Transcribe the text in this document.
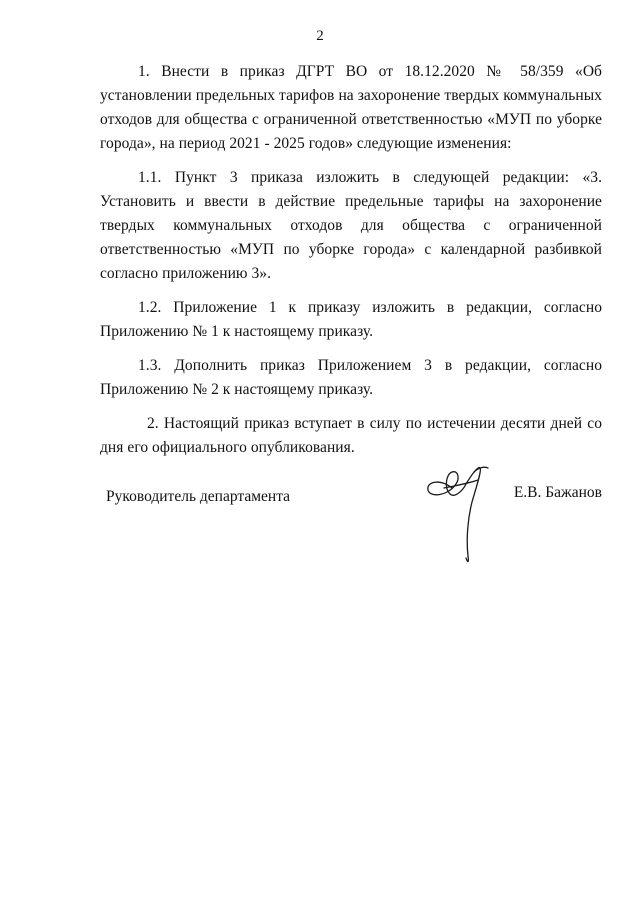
2

1. Внести в приказ ДГРТ ВО от 18.12.2020 № 58/359 «Об установлении предельных тарифов на захоронение твердых коммунальных отходов для общества с ограниченной ответственностью «МУП по уборке города», на период 2021 - 2025 годов» следующие изменения:

1.1. Пункт 3 приказа изложить в следующей редакции: «3. Установить и ввести в действие предельные тарифы на захоронение твердых коммунальных отходов для общества с ограниченной ответственностью «МУП по уборке города» с календарной разбивкой согласно приложению 3».

1.2. Приложение 1 к приказу изложить в редакции, согласно Приложению № 1 к настоящему приказу.

1.3. Дополнить приказ Приложением 3 в редакции, согласно Приложению № 2 к настоящему приказу.

2. Настоящий приказ вступает в силу по истечении десяти дней со дня его официального опубликования.

Руководитель департамента	Е.В. Бажанов
